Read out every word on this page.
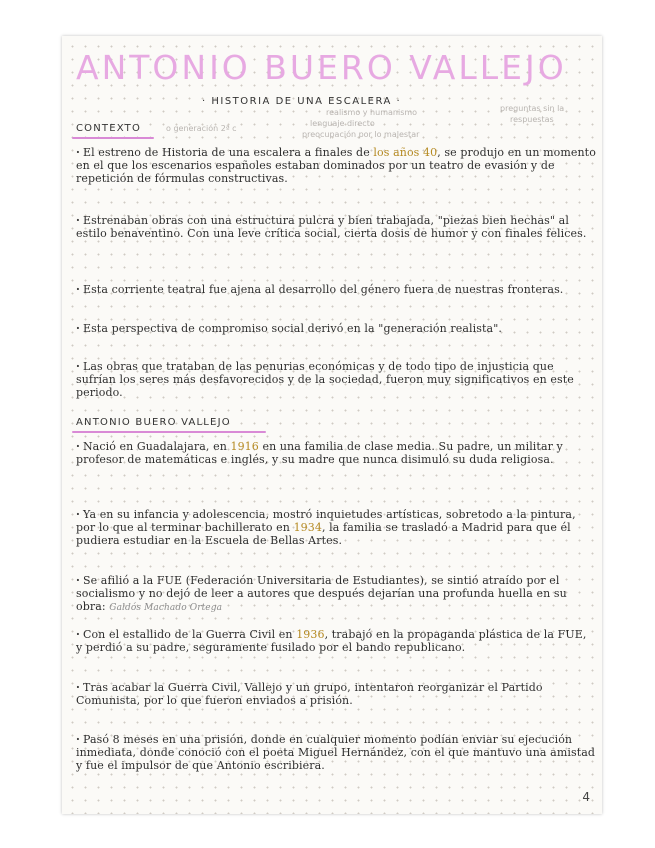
ANTONIO BUERO VALLEJO
· HISTORIA DE UNA ESCALERA ·
realismo y humanismo
lenguaje directo
preocupación por lo malestar
o generación 2ª c
preguntas sin la
respuestas
CONTEXTO

· El estreno de Historia de una escalera a finales de los años 40, se produjo en un momento en el que los escenarios españoles estaban dominados por un teatro de evasión y de repetición de fórmulas constructivas.

· Estrenaban obras con una estructura pulcra y bien trabajada, "piezas bien hechas" al estilo benaventino. Con una leve crítica social, cierta dosis de humor y con finales felices.

· Esta corriente teatral fue ajena al desarrollo del género fuera de nuestras fronteras.

· Esta perspectiva de compromiso social derivó en la "generación realista".

· Las obras que trataban de las penurias económicas y de todo tipo de injusticia que sufrían los seres más desfavorecidos y de la sociedad, fueron muy significativos en este periodo.

ANTONIO BUERO VALLEJO

· Nació en Guadalajara, en 1916 en una familia de clase media. Su padre, un militar y profesor de matemáticas e inglés, y su madre que nunca disimuló su duda religiosa.

· Ya en su infancia y adolescencia, mostró inquietudes artísticas, sobretodo a la pintura, por lo que al terminar bachillerato en 1934, la familia se trasladó a Madrid para que él pudiera estudiar en la Escuela de Bellas Artes.

· Se afilió a la FUE (Federación Universitaria de Estudiantes), se sintió atraído por el socialismo y no dejó de leer a autores que después dejarían una profunda huella en su obra: Galdós Machado Ortega

· Con el estallido de la Guerra Civil en 1936, trabajó en la propaganda plástica de la FUE, y perdió a su padre, seguramente fusilado por el bando republicano.

· Tras acabar la Guerra Civil, Vallejo y un grupo, intentaron reorganizar el Partido Comunista, por lo que fueron enviados a prisión.

· Pasó 8 meses en una prisión, donde en cualquier momento podían enviar su ejecución inmediata, donde conoció con el poeta Miguel Hernández, con el que mantuvo una amistad y fue el impulsor de que Antonio escribiera.

4
